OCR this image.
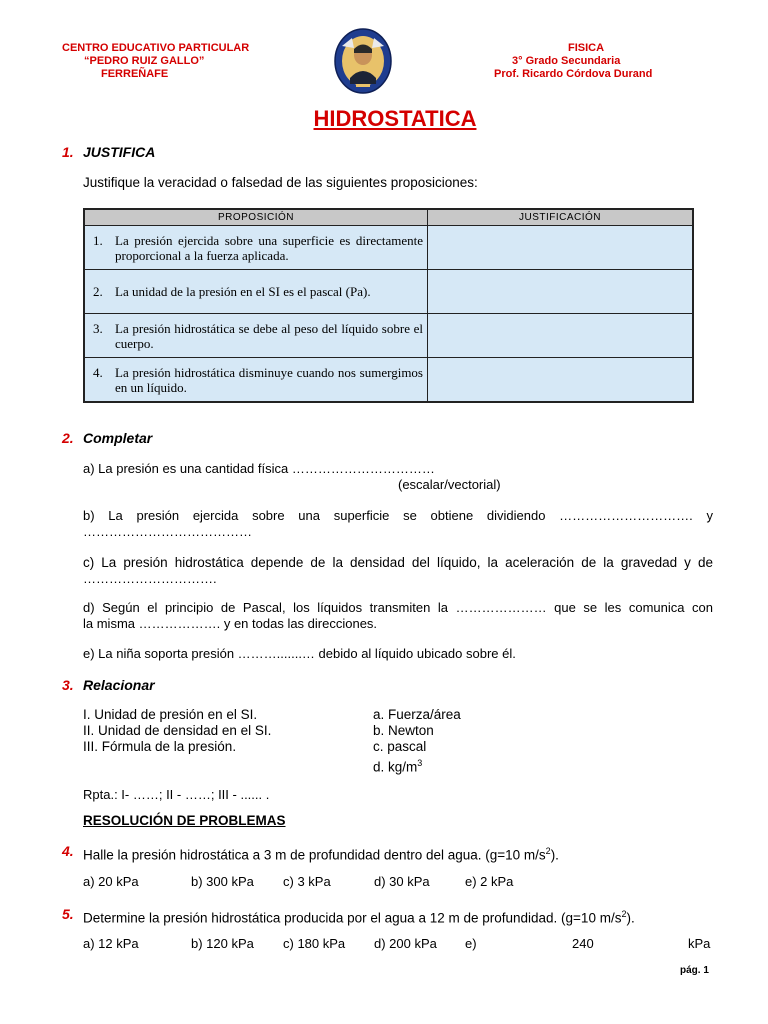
CENTRO EDUCATIVO PARTICULAR
“PEDRO RUIZ GALLO”
FERREÑAFE
FISICA
3° Grado Secundaria
Prof. Ricardo Córdova Durand
HIDROSTATICA
1. JUSTIFICA
Justifique la veracidad o falsedad de las siguientes proposiciones:
PROPOSICIÓN	JUSTIFICACIÓN

1. La presión ejercida sobre una superficie es directamente proporcional a la fuerza aplicada.	

2. La unidad de la presión en el SI es el pascal (Pa).	

3. La presión hidrostática se debe al peso del líquido sobre el cuerpo.	

4. La presión hidrostática disminuye cuando nos sumergimos en un líquido.	

2. Completar
a) La presión es una cantidad física ……………………………
(escalar/vectorial)
b) La presión ejercida sobre una superficie se obtiene dividiendo …………………………. y
…………………………………
c) La presión hidrostática depende de la densidad del líquido, la aceleración de la gravedad y de
………………………….
d) Según el principio de Pascal, los líquidos transmiten la ………………… que se les comunica con
la misma ………………. y en todas las direcciones.
e) La niña soporta presión ……….......… debido al líquido ubicado sobre él.
3. Relacionar
I. Unidad de presión en el SI.
II. Unidad de densidad en el SI.
III. Fórmula de la presión.
a. Fuerza/área
b. Newton
c. pascal
d. $kg/m^3$
Rpta.: I- ……; II - ……; III - ...... .
RESOLUCIÓN DE PROBLEMAS
4. Halle la presión hidrostática a 3 m de profundidad dentro del agua. (g=10 $m/s^2$).
a) 20 kPa	b) 300 kPa c) 3 kPa	d) 30 kPa	e) 2 kPa
5. Determine la presión hidrostática producida por el agua a 12 m de profundidad. (g=10 $m/s^2$).
a) 12 kPa	b) 120 kPa c) 180 kPa d) 200 kPa e)	240	kPa
pág. 1
